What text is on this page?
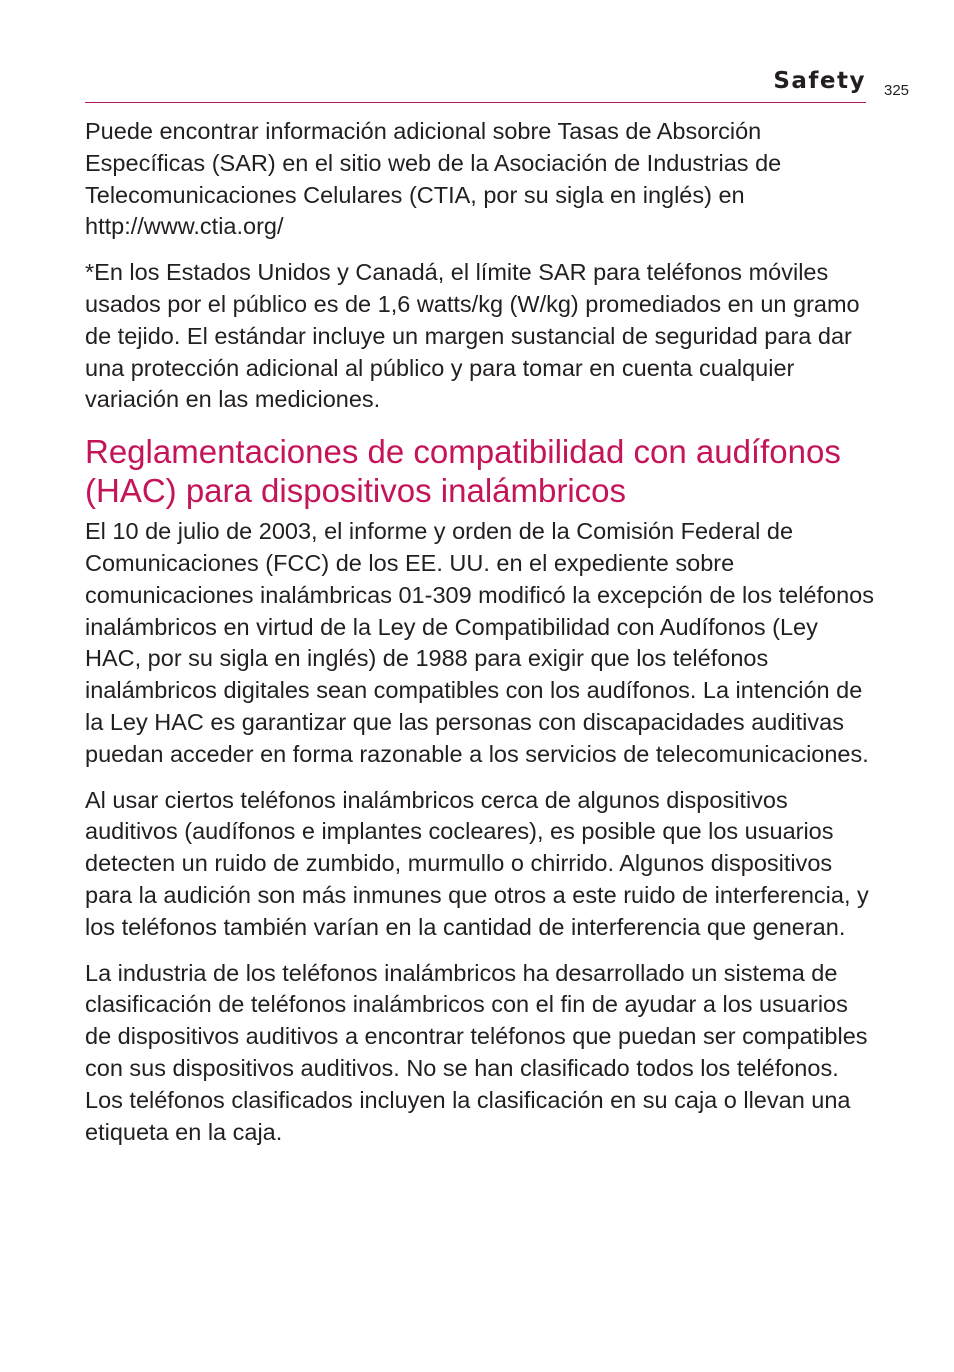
Safety 325

Puede encontrar información adicional sobre Tasas de Absorción Específicas (SAR) en el sitio web de la Asociación de Industrias de Telecomunicaciones Celulares (CTIA, por su sigla en inglés) en http://www.ctia.org/

*En los Estados Unidos y Canadá, el límite SAR para teléfonos móviles usados por el público es de 1,6 watts/kg (W/kg) promediados en un gramo de tejido. El estándar incluye un margen sustancial de seguridad para dar una protección adicional al público y para tomar en cuenta cualquier variación en las mediciones.

Reglamentaciones de compatibilidad con audífonos (HAC) para dispositivos inalámbricos

El 10 de julio de 2003, el informe y orden de la Comisión Federal de Comunicaciones (FCC) de los EE. UU. en el expediente sobre comunicaciones inalámbricas 01-309 modificó la excepción de los teléfonos inalámbricos en virtud de la Ley de Compatibilidad con Audífonos (Ley HAC, por su sigla en inglés) de 1988 para exigir que los teléfonos inalámbricos digitales sean compatibles con los audífonos. La intención de la Ley HAC es garantizar que las personas con discapacidades auditivas puedan acceder en forma razonable a los servicios de telecomunicaciones.

Al usar ciertos teléfonos inalámbricos cerca de algunos dispositivos auditivos (audífonos e implantes cocleares), es posible que los usuarios detecten un ruido de zumbido, murmullo o chirrido. Algunos dispositivos para la audición son más inmunes que otros a este ruido de interferencia, y los teléfonos también varían en la cantidad de interferencia que generan.

La industria de los teléfonos inalámbricos ha desarrollado un sistema de clasificación de teléfonos inalámbricos con el fin de ayudar a los usuarios de dispositivos auditivos a encontrar teléfonos que puedan ser compatibles con sus dispositivos auditivos. No se han clasificado todos los teléfonos. Los teléfonos clasificados incluyen la clasificación en su caja o llevan una etiqueta en la caja.
